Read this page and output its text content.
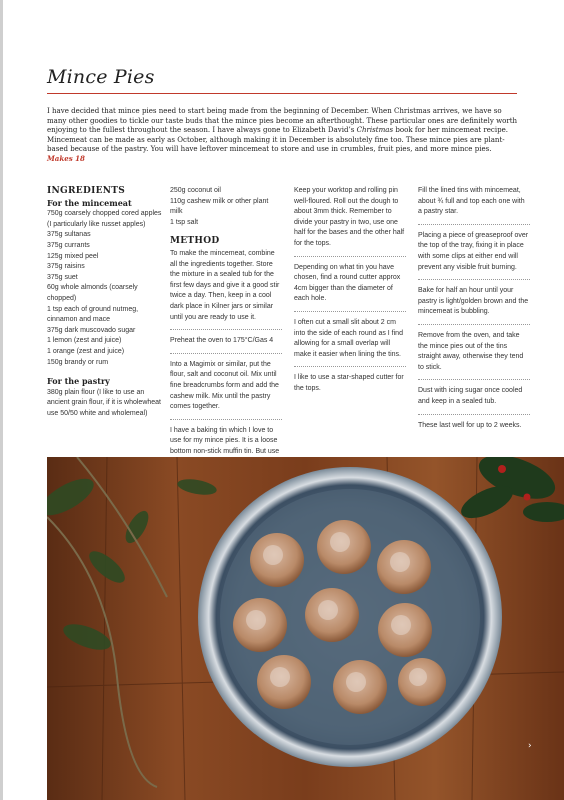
Mince Pies

I have decided that mince pies need to start being made from the beginning of December. When Christmas arrives, we have so many other goodies to tickle our taste buds that the mince pies become an afterthought. These particular ones are definitely worth enjoying to the fullest throughout the season. I have always gone to Elizabeth David’s Christmas book for her mincemeat recipe. Mincemeat can be made as early as October, although making it in December is absolutely fine too. These mince pies are plant-based because of the pastry. You will have leftover mincemeat to store and use in crumbles, fruit pies, and more mince pies.
Makes 18

INGREDIENTS
For the mincemeat

750g coarsely chopped cored apples (I particularly like russet apples)

375g sultanas

375g currants

125g mixed peel

375g raisins

375g suet

60g whole almonds (coarsely chopped)

1 tsp each of ground nutmeg, cinnamon and mace

375g dark muscovado sugar

1 lemon (zest and juice)

1 orange (zest and juice)

150g brandy or rum

For the pastry

380g plain flour (I like to use an ancient grain flour, if it is wholewheat use 50/50 white and wholemeal)

250g coconut oil

110g cashew milk or other plant milk

1 tsp salt

METHOD

To make the mincemeat, combine all the ingredients together. Store the mixture in a sealed tub for the first few days and give it a good stir twice a day. Then, keep in a cool dark place in Kilner jars or similar until you are ready to use it.

Preheat the oven to 175°C/Gas 4

Into a Magimix or similar, put the flour, salt and coconut oil. Mix until fine breadcrumbs form and add the cashew milk. Mix until the pastry comes together.

I have a baking tin which I love to use for my mince pies. It is a loose bottom non-stick muffin tin. But use

Keep your worktop and rolling pin well-floured. Roll out the dough to about 3mm thick. Remember to divide your pastry in two, use one half for the bases and the other half for the tops.

Depending on what tin you have chosen, find a round cutter approx 4cm bigger than the diameter of each hole.

I often cut a small slit about 2 cm into the side of each round as I find allowing for a small overlap will make it easier when lining the tins.

I like to use a star-shaped cutter for the tops.

Fill the lined tins with mincemeat, about ¾ full and top each one with a pastry star.

Placing a piece of greaseproof over the top of the tray, fixing it in place with some clips at either end will prevent any visible fruit burning.

Bake for half an hour until your pastry is light/golden brown and the mincemeat is bubbling.

Remove from the oven, and take the mince pies out of the tins straight away, otherwise they tend to stick.

Dust with icing sugar once cooled and keep in a sealed tub.

These last well for up to 2 weeks.

›
